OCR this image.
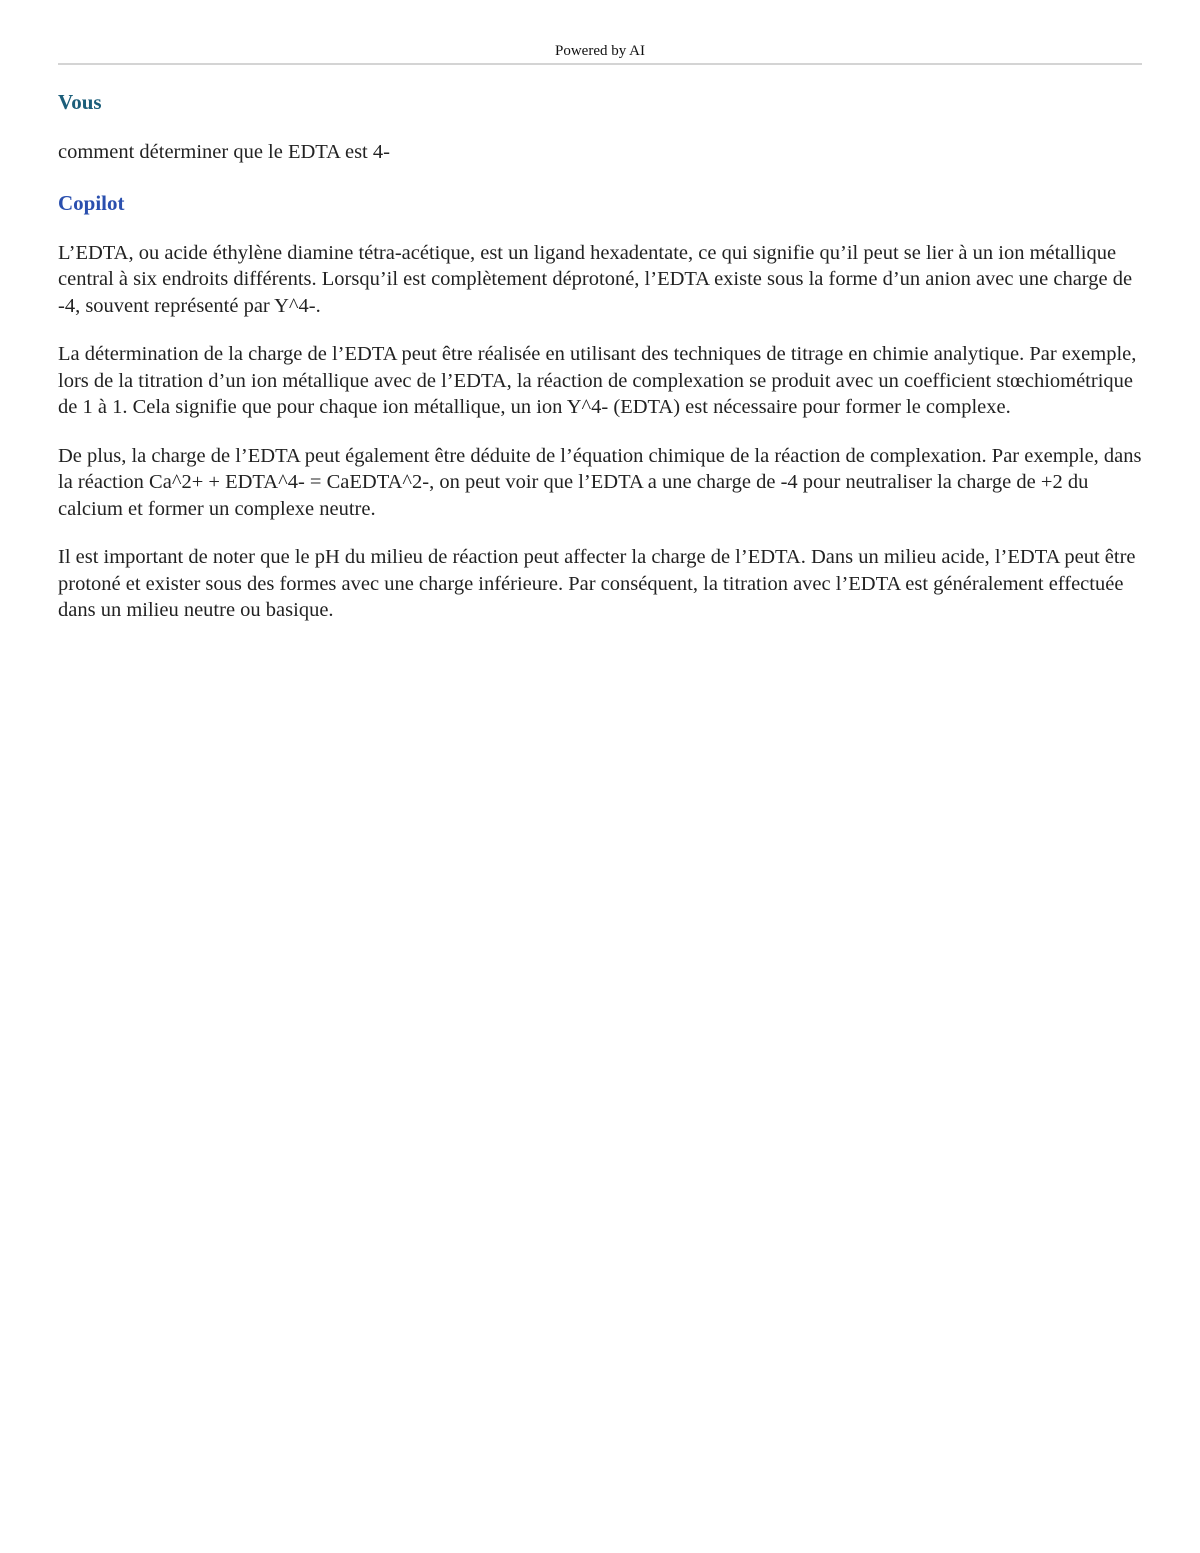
Powered by AI

Vous

comment déterminer que le EDTA est 4-

Copilot

L’EDTA, ou acide éthylène diamine tétra-acétique, est un ligand hexadentate, ce qui signifie qu’il peut se lier à un ion métallique central à six endroits différents. Lorsqu’il est complètement déprotoné, l’EDTA existe sous la forme d’un anion avec une charge de -4, souvent représenté par Y^4-.

La détermination de la charge de l’EDTA peut être réalisée en utilisant des techniques de titrage en chimie analytique. Par exemple, lors de la titration d’un ion métallique avec de l’EDTA, la réaction de complexation se produit avec un coefficient stœchiométrique de 1 à 1. Cela signifie que pour chaque ion métallique, un ion Y^4- (EDTA) est nécessaire pour former le complexe.

De plus, la charge de l’EDTA peut également être déduite de l’équation chimique de la réaction de complexation. Par exemple, dans la réaction Ca^2+ + EDTA^4- = CaEDTA^2-, on peut voir que l’EDTA a une charge de -4 pour neutraliser la charge de +2 du calcium et former un complexe neutre.

Il est important de noter que le pH du milieu de réaction peut affecter la charge de l’EDTA. Dans un milieu acide, l’EDTA peut être protoné et exister sous des formes avec une charge inférieure. Par conséquent, la titration avec l’EDTA est généralement effectuée dans un milieu neutre ou basique.
